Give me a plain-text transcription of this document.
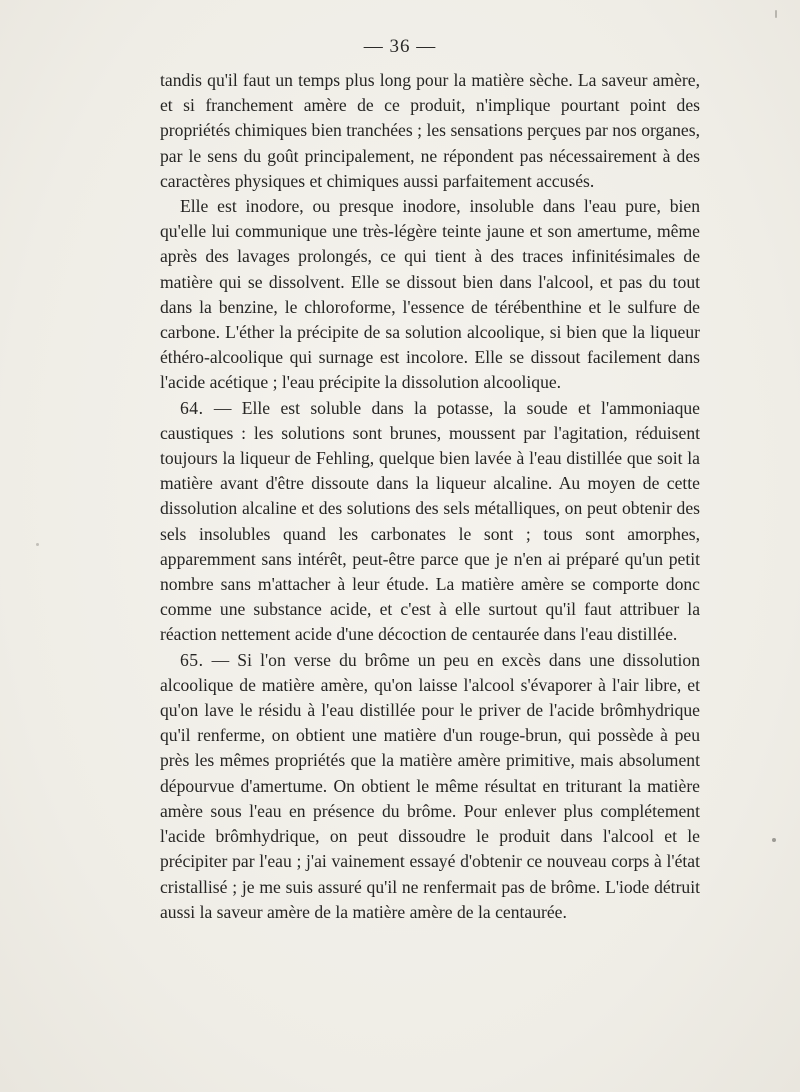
— 36 —

tandis qu'il faut un temps plus long pour la matière sèche. La saveur amère, et si franchement amère de ce produit, n'implique pourtant point des propriétés chimiques bien tranchées ; les sensations perçues par nos organes, par le sens du goût principalement, ne répondent pas nécessairement à des caractères physiques et chimiques aussi parfaitement accusés.

Elle est inodore, ou presque inodore, insoluble dans l'eau pure, bien qu'elle lui communique une très-légère teinte jaune et son amertume, même après des lavages prolongés, ce qui tient à des traces infinitésimales de matière qui se dissolvent. Elle se dissout bien dans l'alcool, et pas du tout dans la benzine, le chloroforme, l'essence de térébenthine et le sulfure de carbone. L'éther la précipite de sa solution alcoolique, si bien que la liqueur éthéro-alcoolique qui surnage est incolore. Elle se dissout facilement dans l'acide acétique ; l'eau précipite la dissolution alcoolique.

64. — Elle est soluble dans la potasse, la soude et l'ammoniaque caustiques : les solutions sont brunes, moussent par l'agitation, réduisent toujours la liqueur de Fehling, quelque bien lavée à l'eau distillée que soit la matière avant d'être dissoute dans la liqueur alcaline. Au moyen de cette dissolution alcaline et des solutions des sels métalliques, on peut obtenir des sels insolubles quand les carbonates le sont ; tous sont amorphes, apparemment sans intérêt, peut-être parce que je n'en ai préparé qu'un petit nombre sans m'attacher à leur étude. La matière amère se comporte donc comme une substance acide, et c'est à elle surtout qu'il faut attribuer la réaction nettement acide d'une décoction de centaurée dans l'eau distillée.

65. — Si l'on verse du brôme un peu en excès dans une dissolution alcoolique de matière amère, qu'on laisse l'alcool s'évaporer à l'air libre, et qu'on lave le résidu à l'eau distillée pour le priver de l'acide brômhydrique qu'il renferme, on obtient une matière d'un rouge-brun, qui possède à peu près les mêmes propriétés que la matière amère primitive, mais absolument dépourvue d'amertume. On obtient le même résultat en triturant la matière amère sous l'eau en présence du brôme. Pour enlever plus complétement l'acide brômhydrique, on peut dissoudre le produit dans l'alcool et le précipiter par l'eau ; j'ai vainement essayé d'obtenir ce nouveau corps à l'état cristallisé ; je me suis assuré qu'il ne renfermait pas de brôme. L'iode détruit aussi la saveur amère de la matière amère de la centaurée.
